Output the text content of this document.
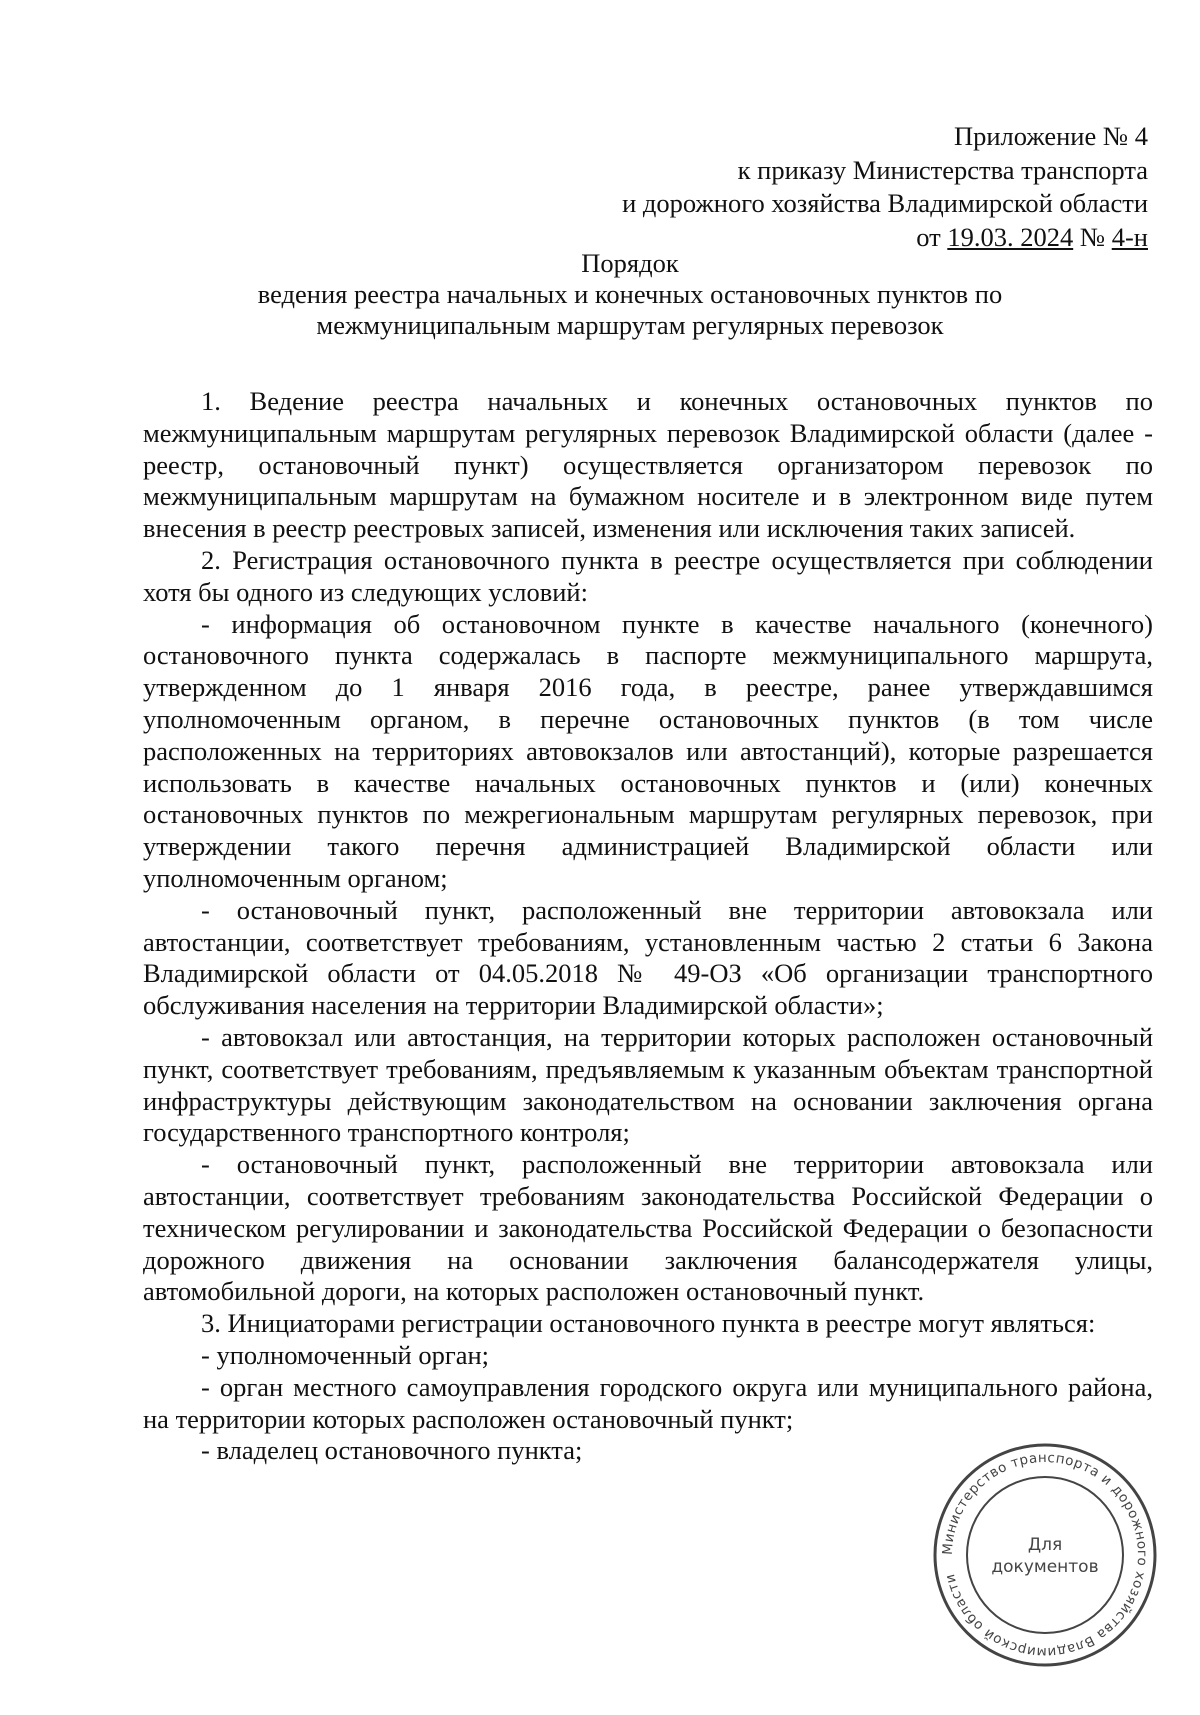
Приложение № 4
к приказу Министерства транспорта
и дорожного хозяйства Владимирской области
от 19.03. 2024 № 4-н
Порядок
ведения реестра начальных и конечных остановочных пунктов по
межмуниципальным маршрутам регулярных перевозок

1. Ведение реестра начальных и конечных остановочных пунктов по межмуниципальным маршрутам регулярных перевозок Владимирской области (далее - реестр, остановочный пункт) осуществляется организатором перевозок по межмуниципальным маршрутам на бумажном носителе и в электронном виде путем внесения в реестр реестровых записей, изменения или исключения таких записей.

2. Регистрация остановочного пункта в реестре осуществляется при соблюдении хотя бы одного из следующих условий:

- информация об остановочном пункте в качестве начального (конечного) остановочного пункта содержалась в паспорте межмуниципального маршрута, утвержденном до 1 января 2016 года, в реестре, ранее утверждавшимся уполномоченным органом, в перечне остановочных пунктов (в том числе расположенных на территориях автовокзалов или автостанций), которые разрешается использовать в качестве начальных остановочных пунктов и (или) конечных остановочных пунктов по межрегиональным маршрутам регулярных перевозок, при утверждении такого перечня администрацией Владимирской области или уполномоченным органом;

- остановочный пункт, расположенный вне территории автовокзала или автостанции, соответствует требованиям, установленным частью 2 статьи 6 Закона Владимирской области от 04.05.2018 № 49-ОЗ «Об организации транспортного обслуживания населения на территории Владимирской области»;

- автовокзал или автостанция, на территории которых расположен остановочный пункт, соответствует требованиям, предъявляемым к указанным объектам транспортной инфраструктуры действующим законодательством на основании заключения органа государственного транспортного контроля;

- остановочный пункт, расположенный вне территории автовокзала или автостанции, соответствует требованиям законодательства Российской Федерации о техническом регулировании и законодательства Российской Федерации о безопасности дорожного движения на основании заключения балансодержателя улицы, автомобильной дороги, на которых расположен остановочный пункт.

3. Инициаторами регистрации остановочного пункта в реестре могут являться:

- уполномоченный орган;

- орган местного самоуправления городского округа или муниципального района, на территории которых расположен остановочный пункт;

- владелец остановочного пункта;

Министерство транспорта и дорожного хозяйства Владимирской области
Для
документов
